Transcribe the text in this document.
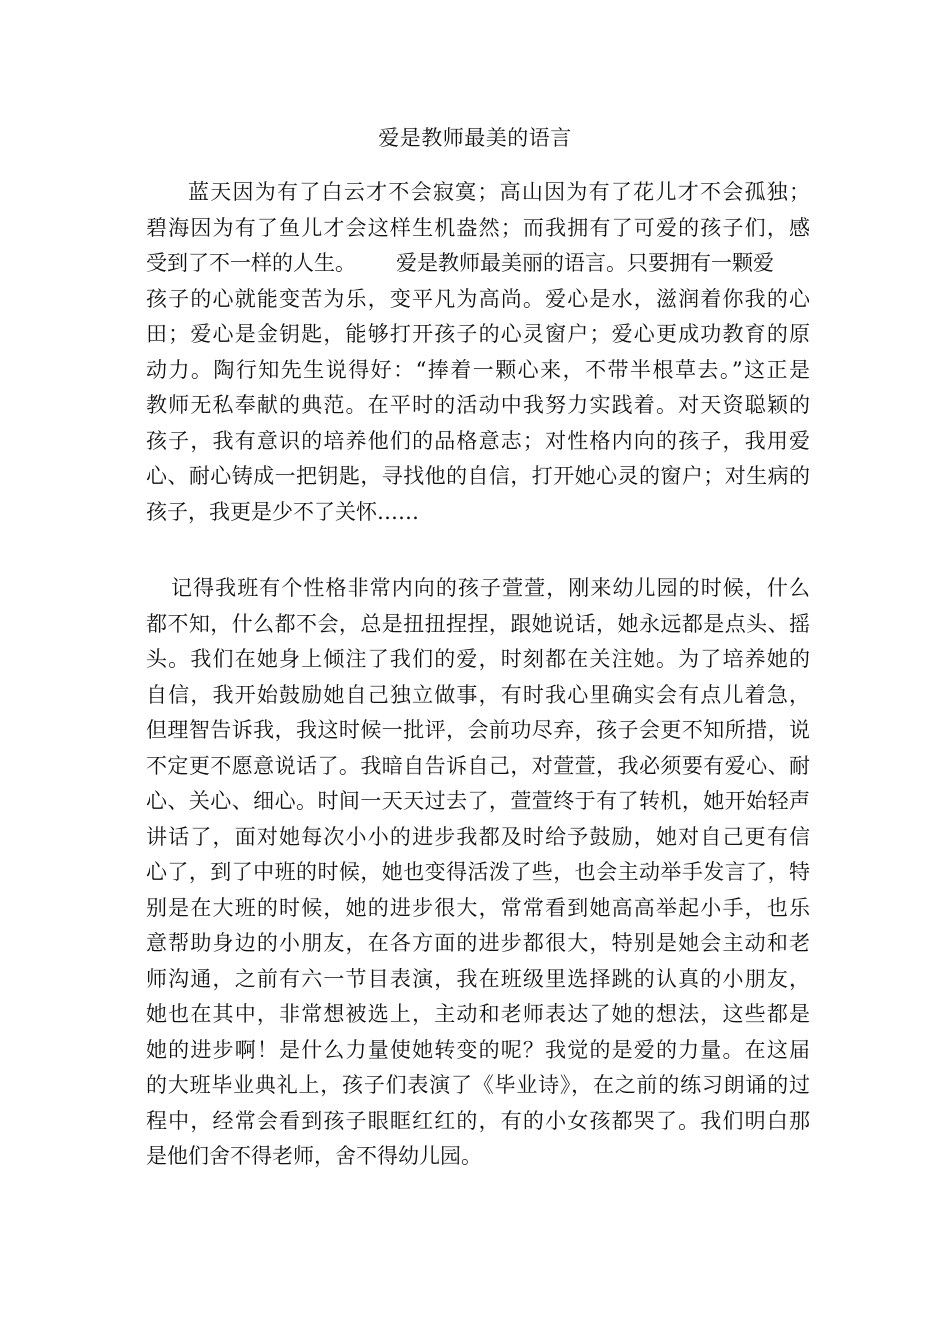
爱是教师最美的语言
蓝天因为有了白云才不会寂寞；高山因为有了花儿才不会孤独；
碧海因为有了鱼儿才会这样生机盎然；而我拥有了可爱的孩子们，感
受到了不一样的人生。 爱是教师最美丽的语言。只要拥有一颗爱
孩子的心就能变苦为乐，变平凡为高尚。爱心是水，滋润着你我的心
田；爱心是金钥匙，能够打开孩子的心灵窗户；爱心更成功教育的原
动力。陶行知先生说得好：“捧着一颗心来，不带半根草去。”这正是
教师无私奉献的典范。在平时的活动中我努力实践着。对天资聪颖的
孩子，我有意识的培养他们的品格意志；对性格内向的孩子，我用爱
心、耐心铸成一把钥匙，寻找他的自信，打开她心灵的窗户；对生病的
孩子，我更是少不了关怀……
记得我班有个性格非常内向的孩子萱萱，刚来幼儿园的时候，什么
都不知，什么都不会，总是扭扭捏捏，跟她说话，她永远都是点头、摇
头。我们在她身上倾注了我们的爱，时刻都在关注她。为了培养她的
自信，我开始鼓励她自己独立做事，有时我心里确实会有点儿着急，
但理智告诉我，我这时候一批评，会前功尽弃，孩子会更不知所措，说
不定更不愿意说话了。我暗自告诉自己，对萱萱，我必须要有爱心、耐
心、关心、细心。时间一天天过去了，萱萱终于有了转机，她开始轻声
讲话了，面对她每次小小的进步我都及时给予鼓励，她对自己更有信
心了，到了中班的时候，她也变得活泼了些，也会主动举手发言了，特
别是在大班的时候，她的进步很大，常常看到她高高举起小手，也乐
意帮助身边的小朋友，在各方面的进步都很大，特别是她会主动和老
师沟通，之前有六一节目表演，我在班级里选择跳的认真的小朋友，
她也在其中，非常想被选上，主动和老师表达了她的想法，这些都是
她的进步啊！是什么力量使她转变的呢？我觉的是爱的力量。在这届
的大班毕业典礼上，孩子们表演了《毕业诗》，在之前的练习朗诵的过
程中，经常会看到孩子眼眶红红的，有的小女孩都哭了。我们明白那
是他们舍不得老师，舍不得幼儿园。
